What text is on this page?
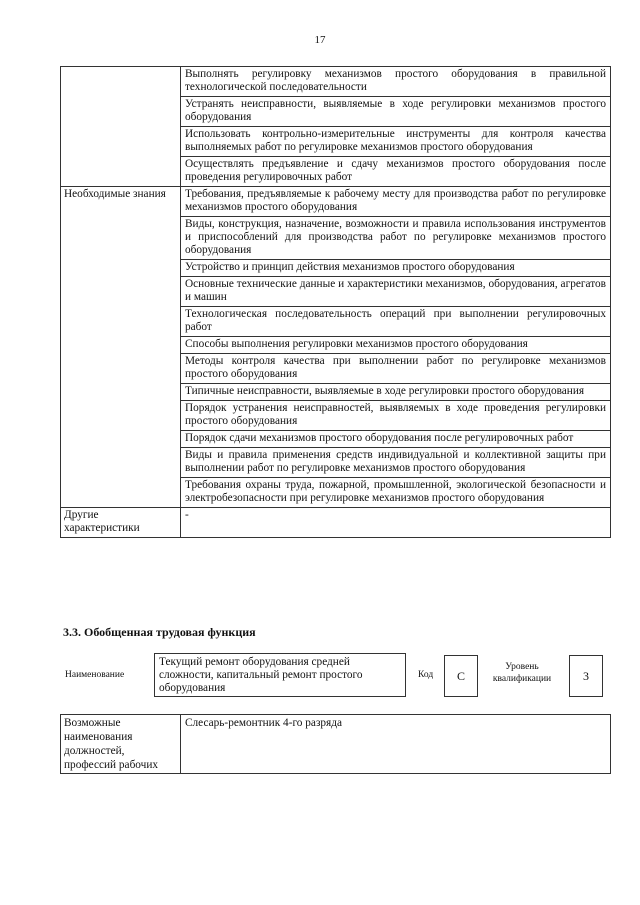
17
	Выполнять регулировку механизмов простого оборудования в правильной технологической последовательности
	Устранять неисправности, выявляемые в ходе регулировки механизмов простого оборудования
	Использовать контрольно-измерительные инструменты для контроля качества выполняемых работ по регулировке механизмов простого оборудования
	Осуществлять предъявление и сдачу механизмов простого оборудования после проведения регулировочных работ
Необходимые знания	Требования, предъявляемые к рабочему месту для производства работ по регулировке механизмов простого оборудования
	Виды, конструкция, назначение, возможности и правила использования инструментов и приспособлений для производства работ по регулировке механизмов простого оборудования
	Устройство и принцип действия механизмов простого оборудования
	Основные технические данные и характеристики механизмов, оборудования, агрегатов и машин
	Технологическая последовательность операций при выполнении регулировочных работ
	Способы выполнения регулировки механизмов простого оборудования
	Методы контроля качества при выполнении работ по регулировке механизмов простого оборудования
	Типичные неисправности, выявляемые в ходе регулировки простого оборудования
	Порядок устранения неисправностей, выявляемых в ходе проведения регулировки простого оборудования
	Порядок сдачи механизмов простого оборудования после регулировочных работ
	Виды и правила применения средств индивидуальной и коллективной защиты при выполнении работ по регулировке механизмов простого оборудования
	Требования охраны труда, пожарной, промышленной, экологической безопасности и электробезопасности при регулировке механизмов простого оборудования
Другие характеристики	-
3.3. Обобщенная трудовая функция
Наименование
Текущий ремонт оборудования средней сложности, капитальный ремонт простого оборудования
Код	С
Уровень квалификации	3
Возможные наименования должностей, профессий рабочих	Слесарь-ремонтник 4-го разряда
